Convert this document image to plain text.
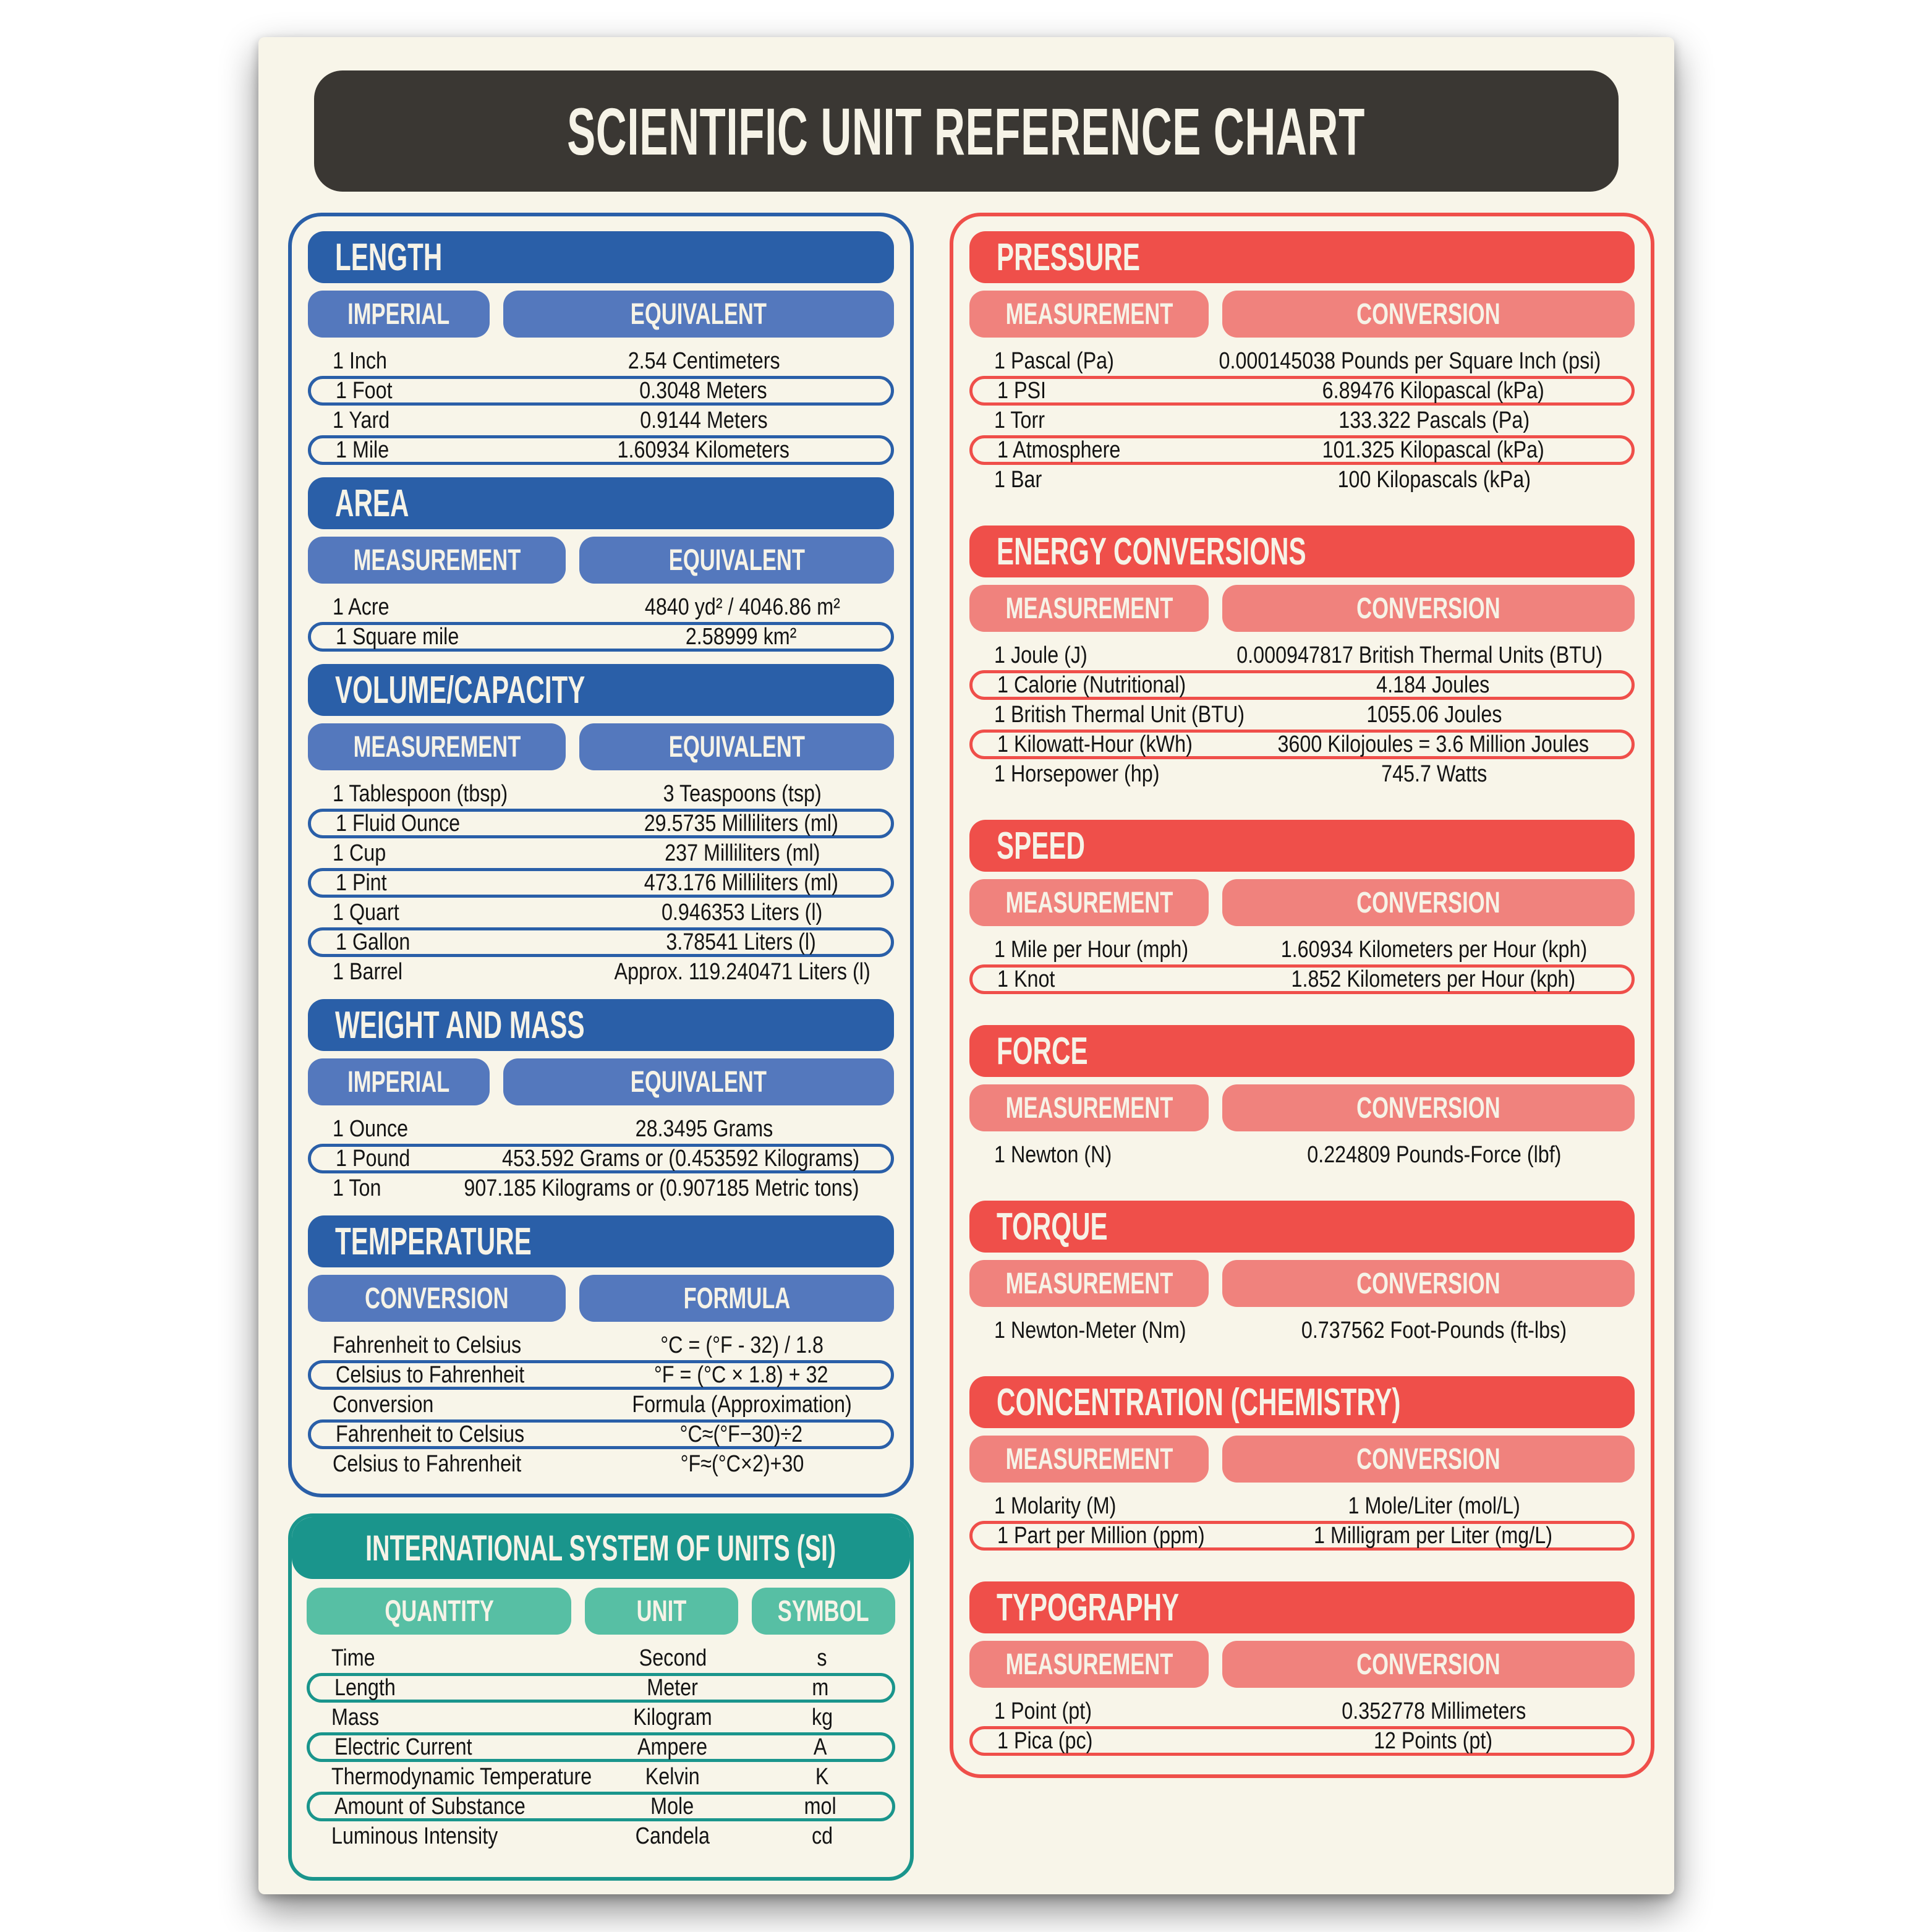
SCIENTIFIC UNIT REFERENCE CHART
LENGTH
IMPERIAL	EQUIVALENT
1 Inch	2.54 Centimeters
1 Foot	0.3048 Meters
1 Yard	0.9144 Meters
1 Mile	1.60934 Kilometers
AREA
MEASUREMENT	EQUIVALENT
1 Acre	4840 yd² / 4046.86 m²
1 Square mile	2.58999 km²
VOLUME/CAPACITY
MEASUREMENT	EQUIVALENT
1 Tablespoon (tbsp)	3 Teaspoons (tsp)
1 Fluid Ounce	29.5735 Milliliters (ml)
1 Cup	237 Milliliters (ml)
1 Pint	473.176 Milliliters (ml)
1 Quart	0.946353 Liters (l)
1 Gallon	3.78541 Liters (l)
1 Barrel	Approx. 119.240471 Liters (l)
WEIGHT AND MASS
IMPERIAL	EQUIVALENT
1 Ounce	28.3495 Grams
1 Pound	453.592 Grams or (0.453592 Kilograms)
1 Ton	907.185 Kilograms or (0.907185 Metric tons)
TEMPERATURE
CONVERSION	FORMULA
Fahrenheit to Celsius	°C = (°F - 32) / 1.8
Celsius to Fahrenheit	°F = (°C × 1.8) + 32
Conversion	Formula (Approximation)
Fahrenheit to Celsius	°C≈(°F−30)÷2
Celsius to Fahrenheit	°F≈(°C×2)+30
INTERNATIONAL SYSTEM OF UNITS (SI)
QUANTITY	UNIT	SYMBOL
Time	Second	s
Length	Meter	m
Mass	Kilogram	kg
Electric Current	Ampere	A
Thermodynamic Temperature	Kelvin	K
Amount of Substance	Mole	mol
Luminous Intensity	Candela	cd
PRESSURE
MEASUREMENT	CONVERSION
1 Pascal (Pa)	0.000145038 Pounds per Square Inch (psi)
1 PSI	6.89476 Kilopascal (kPa)
1 Torr	133.322 Pascals (Pa)
1 Atmosphere	101.325 Kilopascal (kPa)
1 Bar	100 Kilopascals (kPa)
ENERGY CONVERSIONS
MEASUREMENT	CONVERSION
1 Joule (J)	0.000947817 British Thermal Units (BTU)
1 Calorie (Nutritional)	4.184 Joules
1 British Thermal Unit (BTU)	1055.06 Joules
1 Kilowatt-Hour (kWh)	3600 Kilojoules = 3.6 Million Joules
1 Horsepower (hp)	745.7 Watts
SPEED
MEASUREMENT	CONVERSION
1 Mile per Hour (mph)	1.60934 Kilometers per Hour (kph)
1 Knot	1.852 Kilometers per Hour (kph)
FORCE
MEASUREMENT	CONVERSION
1 Newton (N)	0.224809 Pounds-Force (lbf)
TORQUE
MEASUREMENT	CONVERSION
1 Newton-Meter (Nm)	0.737562 Foot-Pounds (ft-lbs)
CONCENTRATION (CHEMISTRY)
MEASUREMENT	CONVERSION
1 Molarity (M)	1 Mole/Liter (mol/L)
1 Part per Million (ppm)	1 Milligram per Liter (mg/L)
TYPOGRAPHY
MEASUREMENT	CONVERSION
1 Point (pt)	0.352778 Millimeters
1 Pica (pc)	12 Points (pt)
